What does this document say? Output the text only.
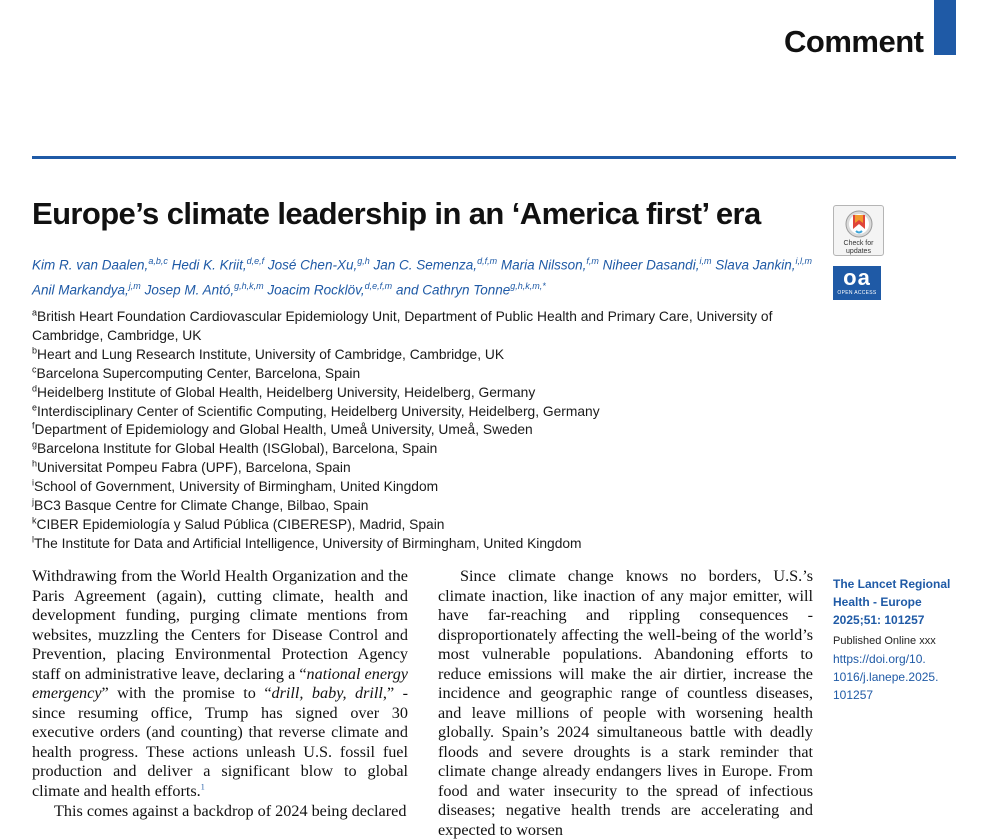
Comment
Europe’s climate leadership in an ‘America first’ era
Kim R. van Daalen,$^{a,b,c}$ Hedi K. Kriit,$^{d,e,f}$ José Chen-Xu,$^{g,h}$ Jan C. Semenza,$^{d,f,m}$ Maria Nilsson,$^{f,m}$ Niheer Dasandi,$^{i,m}$ Slava Jankin,$^{i,l,m}$
Anil Markandya,$^{j,m}$ Josep M. Antó,$^{g,h,k,m}$ Joacim Rocklöv,$^{d,e,f,m}$ and Cathryn Tonne$^{g,h,k,m,*}$
$^a$British Heart Foundation Cardiovascular Epidemiology Unit, Department of Public Health and Primary Care, University of Cambridge, Cambridge, UK
$^b$Heart and Lung Research Institute, University of Cambridge, Cambridge, UK
$^c$Barcelona Supercomputing Center, Barcelona, Spain
$^d$Heidelberg Institute of Global Health, Heidelberg University, Heidelberg, Germany
$^e$Interdisciplinary Center of Scientific Computing, Heidelberg University, Heidelberg, Germany
$^f$Department of Epidemiology and Global Health, Umeå University, Umeå, Sweden
$^g$Barcelona Institute for Global Health (ISGlobal), Barcelona, Spain
$^h$Universitat Pompeu Fabra (UPF), Barcelona, Spain
$^i$School of Government, University of Birmingham, United Kingdom
$^j$BC3 Basque Centre for Climate Change, Bilbao, Spain
$^k$CIBER Epidemiología y Salud Pública (CIBERESP), Madrid, Spain
$^l$The Institute for Data and Artificial Intelligence, University of Birmingham, United Kingdom
Check for
updates
oa
OPEN ACCESS

Withdrawing from the World Health Organization and the Paris Agreement (again), cutting climate, health and development funding, purging climate mentions from websites, muzzling the Centers for Disease Control and Prevention, placing Environmental Protection Agency staff on administrative leave, declaring a “national energy emergency” with the promise to “drill, baby, drill,” - since resuming office, Trump has signed over 30 executive orders (and counting) that reverse climate and health progress. These actions unleash U.S. fossil fuel production and deliver a significant blow to global climate and health efforts.$^1$

This comes against a backdrop of 2024 being declared

Since climate change knows no borders, U.S.’s climate inaction, like inaction of any major emitter, will have far-reaching and rippling consequences - disproportionately affecting the well-being of the world’s most vulnerable populations. Abandoning efforts to reduce emissions will make the air dirtier, increase the incidence and geographic range of countless diseases, and leave millions of people with worsening health globally. Spain’s 2024 simultaneous battle with deadly floods and severe droughts is a stark reminder that climate change already endangers lives in Europe. From food and water insecurity to the spread of infectious diseases; negative health trends are accelerating and expected to worsen

The Lancet Regional
Health - Europe
2025;51: 101257
Published Online xxx
https://doi.org/10.
1016/j.lanepe.2025.
101257
